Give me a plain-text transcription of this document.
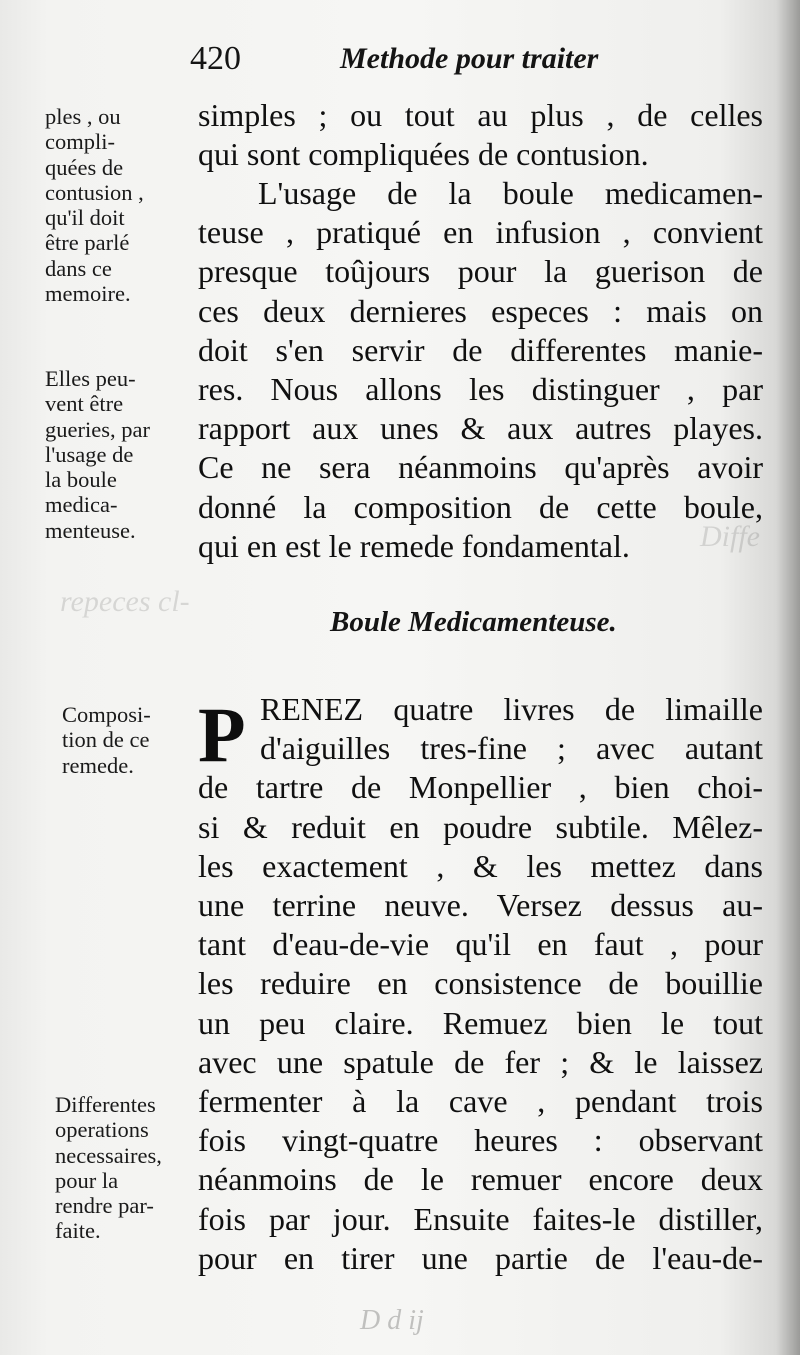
repeces cl-
Diffe
420	Methode pour traiter
ples , ou
compli-
quées de
contusion ,
qu'il doit
être parlé
dans ce
memoire.
Elles peu-
vent être
gueries, par
l'usage de
la boule
medica-
menteuse.
Composi-
tion de ce
remede.
Differentes
operations
necessaires,
pour la
rendre par-
faite.
simples ; ou tout au plus , de celles
qui sont compliquées de contusion.
L'usage de la boule medicamen-
teuse , pratiqué en infusion , convient
presque toûjours pour la guerison de
ces deux dernieres especes : mais on
doit s'en servir de differentes manie-
res. Nous allons les distinguer , par
rapport aux unes & aux autres playes.
Ce ne sera néanmoins qu'après avoir
donné la composition de cette boule,
qui en est le remede fondamental.
Boule Medicamenteuse.
P RENEZ quatre livres de limaille
d'aiguilles tres-fine ; avec autant
de tartre de Monpellier , bien choi-
si & reduit en poudre subtile. Mêlez-
les exactement , & les mettez dans
une terrine neuve. Versez dessus au-
tant d'eau-de-vie qu'il en faut , pour
les reduire en consistence de bouillie
un peu claire. Remuez bien le tout
avec une spatule de fer ; & le laissez
fermenter à la cave , pendant trois
fois vingt-quatre heures : observant
néanmoins de le remuer encore deux
fois par jour. Ensuite faites-le distiller,
pour en tirer une partie de l'eau-de-
D d ij
